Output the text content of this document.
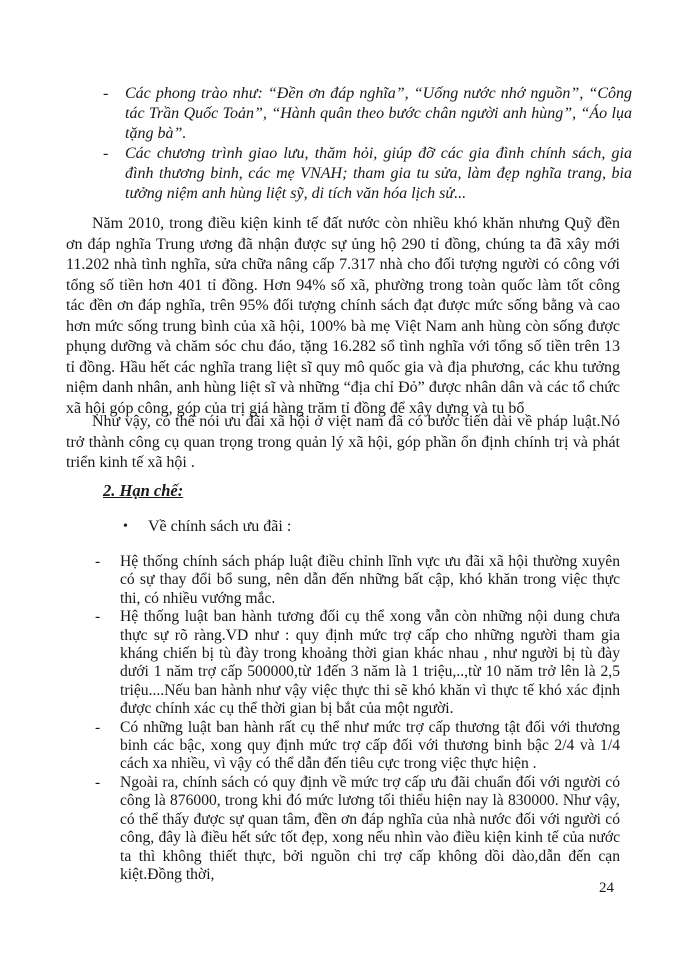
- Các phong trào như: “Đền ơn đáp nghĩa”, “Uống nước nhớ nguồn”, “Công tác Trần Quốc Toản”, “Hành quân theo bước chân người anh hùng”, “Áo lụa tặng bà”.
- Các chương trình giao lưu, thăm hỏi, giúp đỡ các gia đình chính sách, gia đình thương binh, các mẹ VNAH; tham gia tu sửa, làm đẹp nghĩa trang, bia tưởng niệm anh hùng liệt sỹ, di tích văn hóa lịch sử...

Năm 2010, trong điều kiện kinh tế đất nước còn nhiều khó khăn nhưng Quỹ đền ơn đáp nghĩa Trung ương đã nhận được sự ủng hộ 290 tỉ đồng, chúng ta đã xây mới 11.202 nhà tình nghĩa, sửa chữa nâng cấp 7.317 nhà cho đối tượng người có công với tổng số tiền hơn 401 tỉ đồng. Hơn 94% số xã, phường trong toàn quốc làm tốt công tác đền ơn đáp nghĩa, trên 95% đối tượng chính sách đạt được mức sống bằng và cao hơn mức sống trung bình của xã hội, 100% bà mẹ Việt Nam anh hùng còn sống được phụng dưỡng và chăm sóc chu đáo, tặng 16.282 sổ tình nghĩa với tổng số tiền trên 13 tỉ đồng. Hầu hết các nghĩa trang liệt sĩ quy mô quốc gia và địa phương, các khu tưởng niệm danh nhân, anh hùng liệt sĩ và những “địa chỉ Đỏ” được nhân dân và các tổ chức xã hội góp công, góp của trị giá hàng trăm tỉ đồng để xây dựng và tu bổ

Như vậy, có thể nói ưu đãi xã hội ở việt nam đã có bước tiến dài về pháp luật.Nó trở thành công cụ quan trọng trong quản lý xã hội, góp phần ổn định chính trị và phát triển kinh tế xã hội .

2. Hạn chế:
• Về chính sách ưu đãi :
- Hệ thống chính sách pháp luật điều chỉnh lĩnh vực ưu đãi xã hội thường xuyên có sự thay đổi bổ sung, nên dẫn đến những bất cập, khó khăn trong việc thực thi, có nhiều vướng mắc.
- Hệ thống luật ban hành tương đối cụ thể xong vẫn còn những nội dung chưa thực sự rõ ràng.VD như : quy định mức trợ cấp cho những người tham gia kháng chiến bị tù đày trong khoảng thời gian khác nhau , như người bị tù đày dưới 1 năm trợ cấp 500000,từ 1đến 3 năm là 1 triệu,..,từ 10 năm trở lên là 2,5 triệu....Nếu ban hành như vậy việc thực thi sẽ khó khăn vì thực tế khó xác định được chính xác cụ thể thời gian bị bắt của một người.
- Có những luật ban hành rất cụ thể như mức trợ cấp thương tật đối với thương binh các bậc, xong quy định mức trợ cấp đối với thương binh bậc 2/4 và 1/4 cách xa nhiều, vì vậy có thể dẫn đến tiêu cực trong việc thực hiện .
- Ngoài ra, chính sách có quy định về mức trợ cấp ưu đãi chuẩn đối với người có công là 876000, trong khi đó mức lương tối thiểu hiện nay là 830000. Như vậy, có thể thấy được sự quan tâm, đền ơn đáp nghĩa của nhà nước đối với người có công, đây là điều hết sức tốt đẹp, xong nếu nhìn vào điều kiện kinh tế của nước ta thì không thiết thực, bởi nguồn chi trợ cấp không dồi dào,dẫn đến cạn kiệt.Đồng thời,
24
